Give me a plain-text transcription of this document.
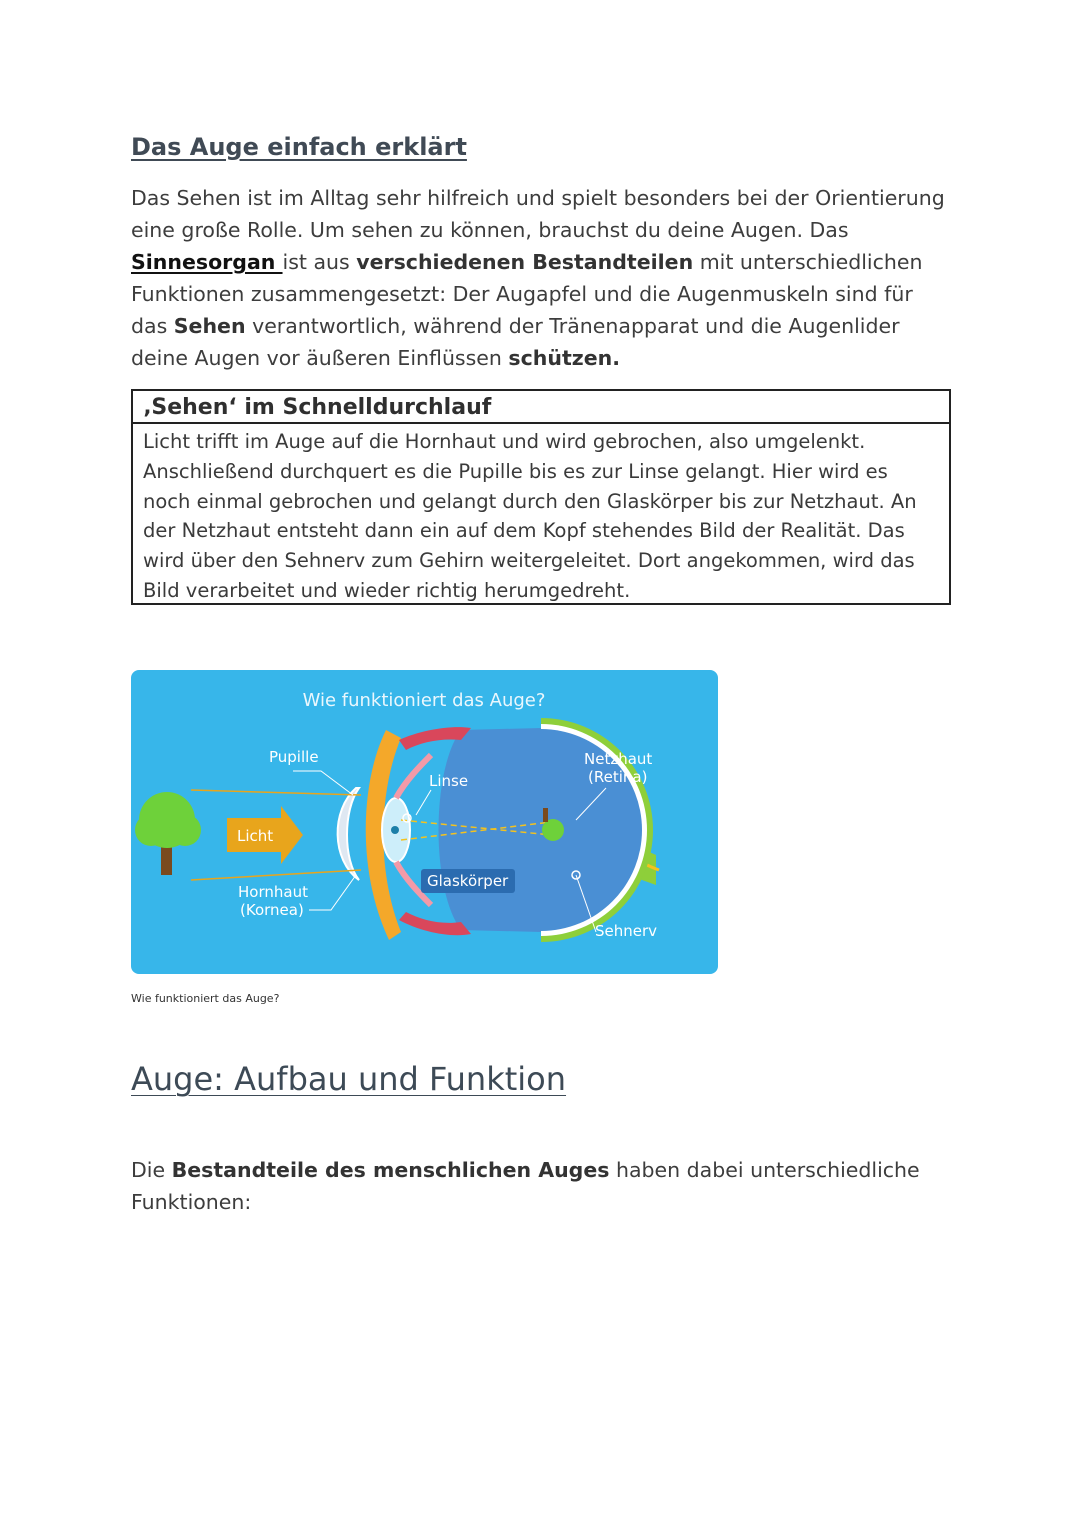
Das Auge einfach erklärt

Das Sehen ist im Alltag sehr hilfreich und spielt besonders bei der Orientierung eine große Rolle. Um sehen zu können, brauchst du deine Augen. Das Sinnesorgan ist aus verschiedenen Bestandteilen mit unterschiedlichen Funktionen zusammengesetzt: Der Augapfel und die Augenmuskeln sind für das Sehen verantwortlich, während der Tränenapparat und die Augenlider deine Augen vor äußeren Einflüssen schützen.

‚Sehen‘ im Schnelldurchlauf

Licht trifft im Auge auf die Hornhaut und wird gebrochen, also umgelenkt. Anschließend durchquert es die Pupille bis es zur Linse gelangt. Hier wird es noch einmal gebrochen und gelangt durch den Glaskörper bis zur Netzhaut. An der Netzhaut entsteht dann ein auf dem Kopf stehendes Bild der Realität. Das wird über den Sehnerv zum Gehirn weitergeleitet. Dort angekommen, wird das Bild verarbeitet und wieder richtig herumgedreht.

Wie funktioniert das Auge?
Pupille
Linse
Netzhaut
(Retina)
Licht
Glaskörper
Hornhaut
(Kornea)
Sehnerv
Wie funktioniert das Auge?
Auge: Aufbau und Funktion

Die Bestandteile des menschlichen Auges haben dabei unterschiedliche Funktionen:
